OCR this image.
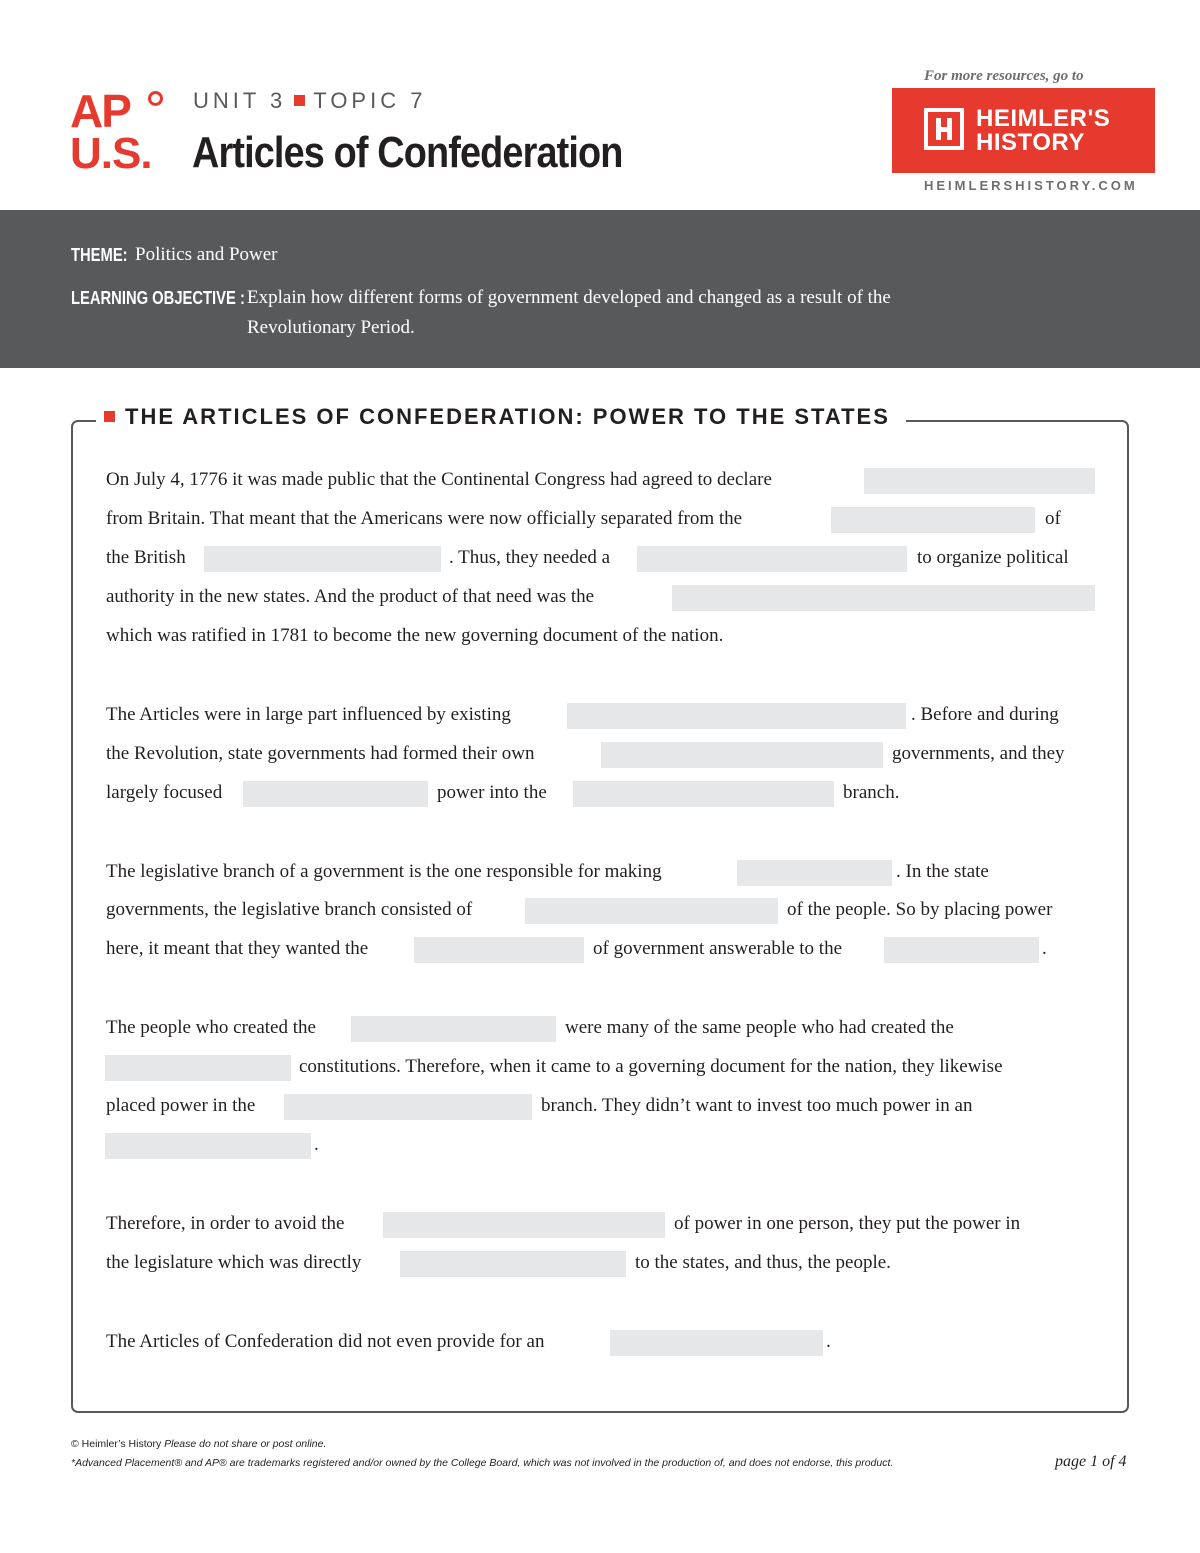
AP
U.S.
UNIT 3 TOPIC 7
Articles of Confederation
For more resources, go to
HEIMLER'S
HISTORY
HEIMLERSHISTORY.COM
THEME: Politics and Power
LEARNING OBJECTIVE : Explain how different forms of government developed and changed as a result of the
Revolutionary Period.
THE ARTICLES OF CONFEDERATION: POWER TO THE STATES
On July 4, 1776 it was made public that the Continental Congress had agreed to declare
from Britain. That meant that the Americans were now officially separated from the	of
the British	. Thus, they needed a	to organize political
authority in the new states. And the product of that need was the
which was ratified in 1781 to become the new governing document of the nation.
The Articles were in large part influenced by existing	. Before and during
the Revolution, state governments had formed their own	governments, and they
largely focused	power into the	branch.
The legislative branch of a government is the one responsible for making	. In the state
governments, the legislative branch consisted of	of the people. So by placing power
here, it meant that they wanted the	of government answerable to the	.
The people who created the	were many of the same people who had created the
constitutions. Therefore, when it came to a governing document for the nation, they likewise
placed power in the	branch. They didn’t want to invest too much power in an
.
Therefore, in order to avoid the	of power in one person, they put the power in
the legislature which was directly	to the states, and thus, the people.
The Articles of Confederation did not even provide for an	.
© Heimler’s History Please do not share or post online.
*Advanced Placement® and AP® are trademarks registered and/or owned by the College Board, which was not involved in the production of, and does not endorse, this product.	page 1 of 4
